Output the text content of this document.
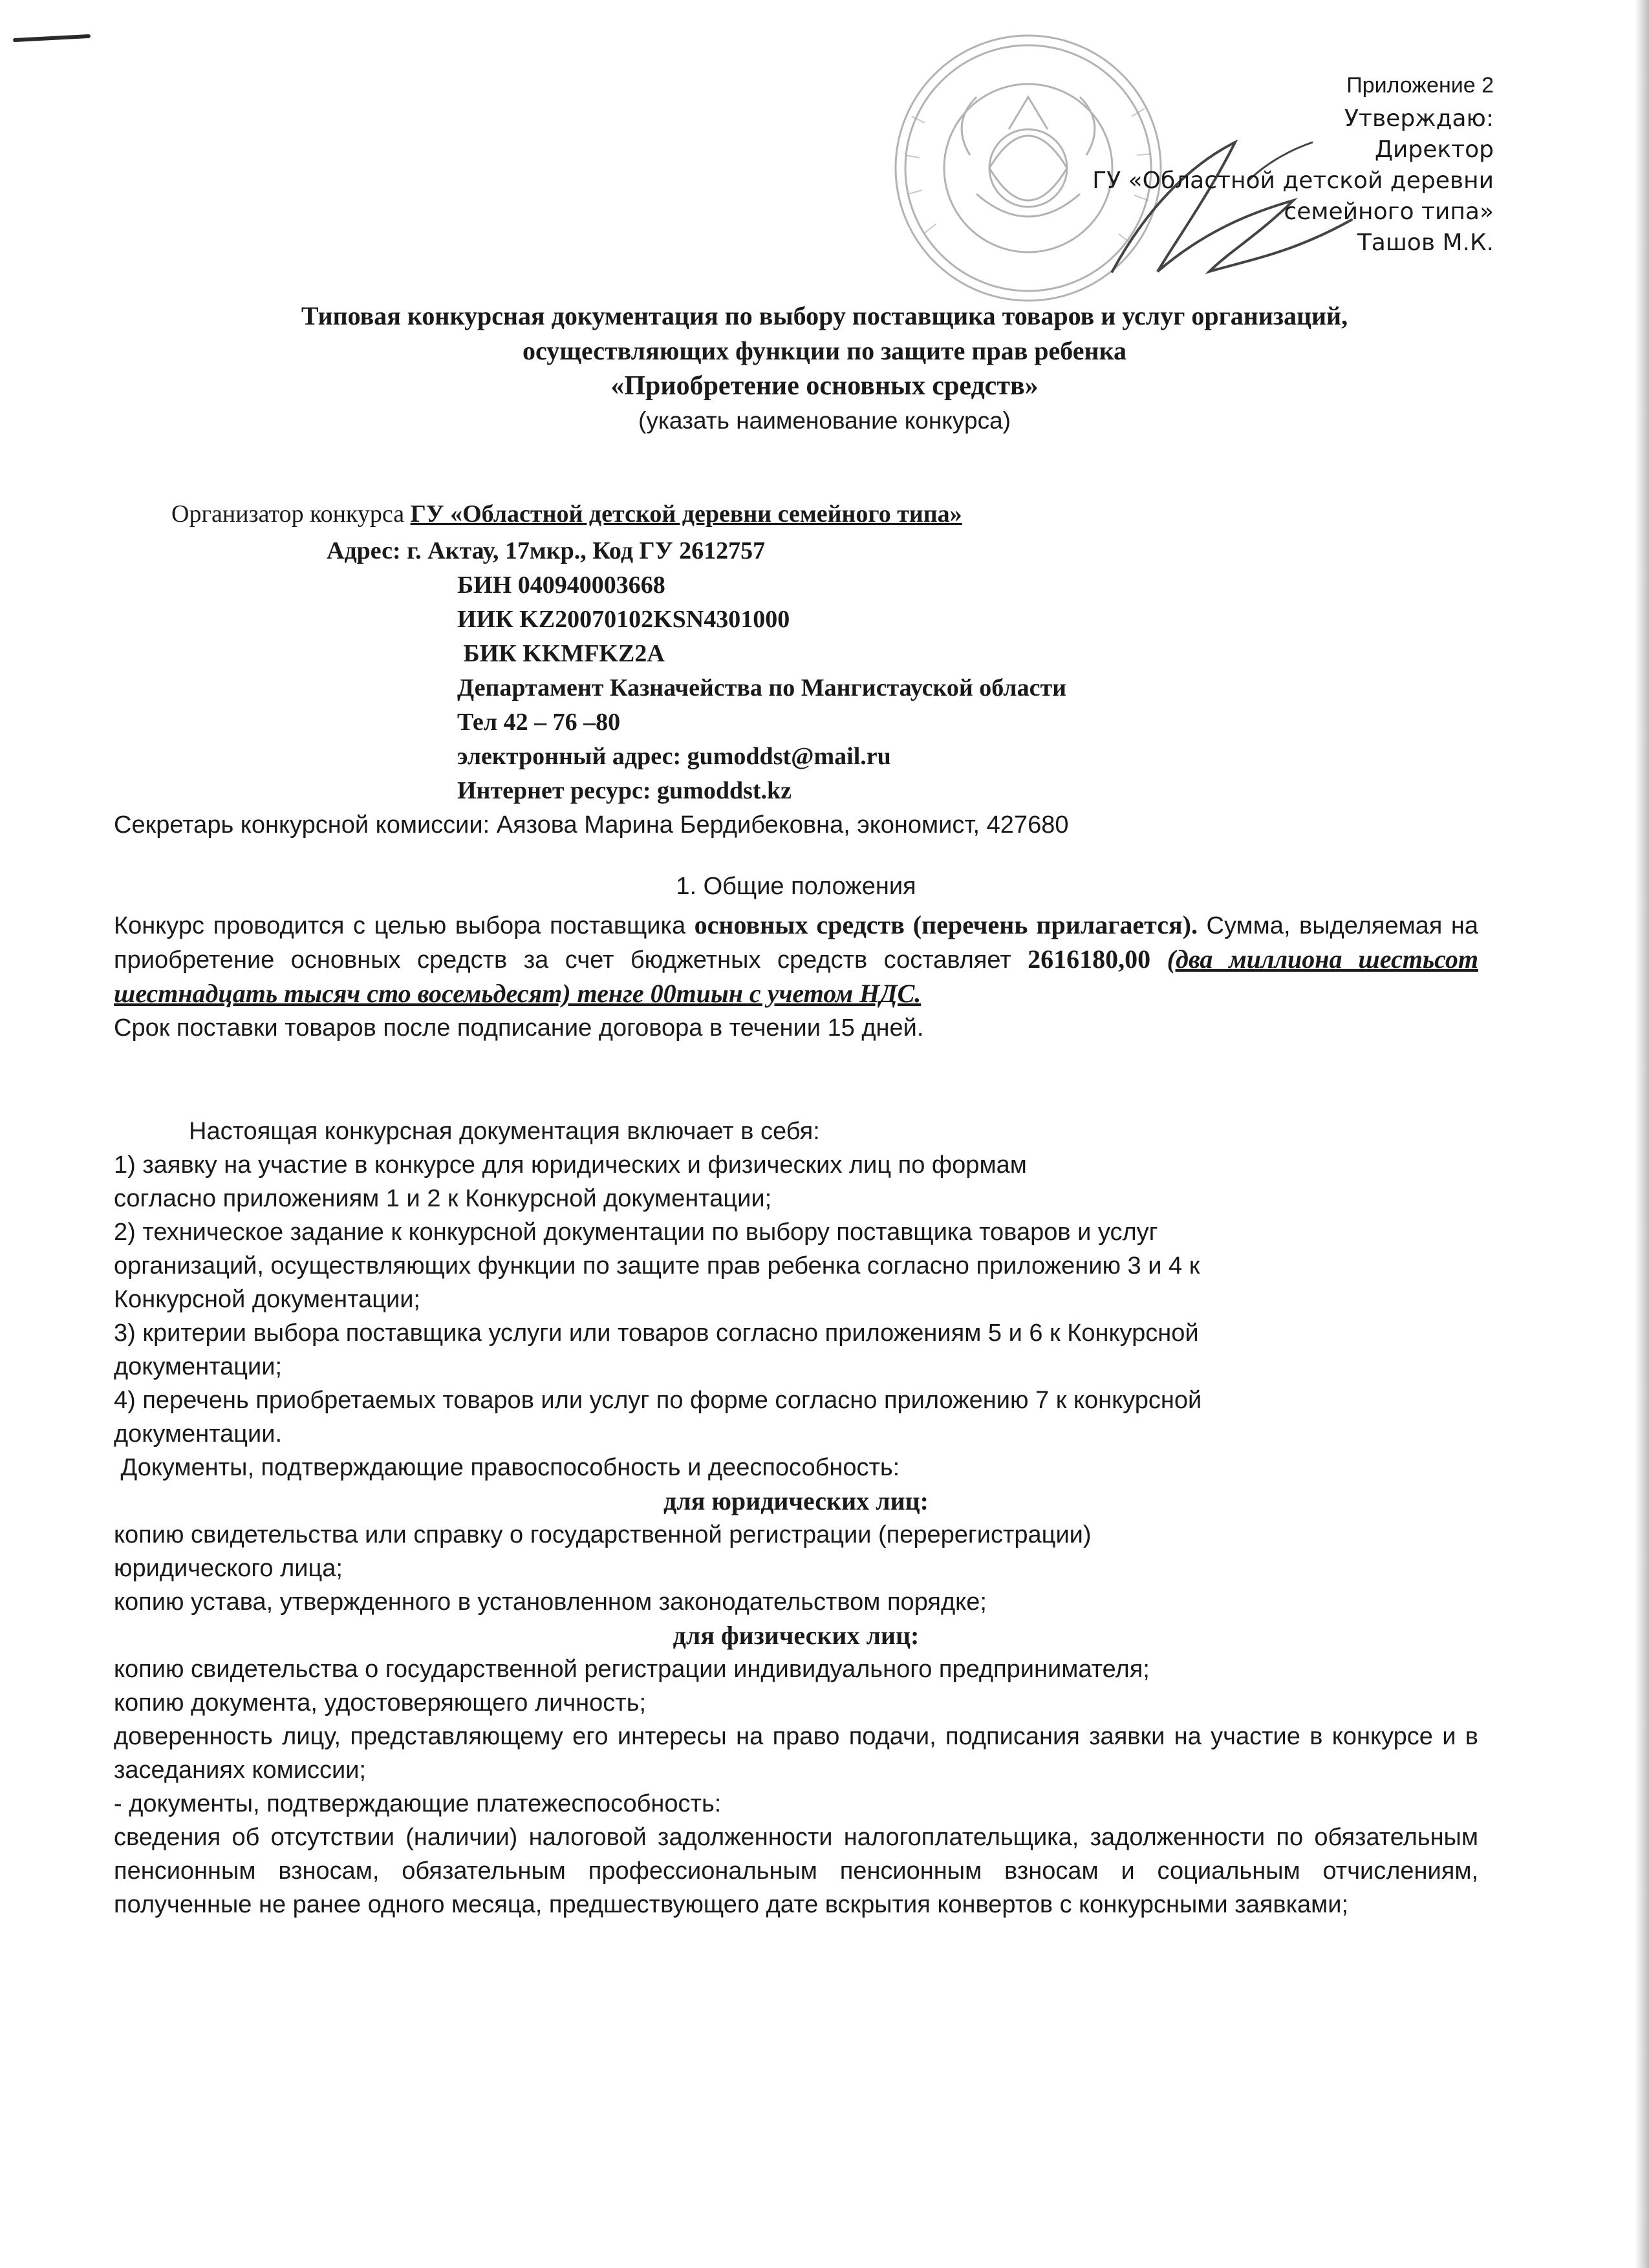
Приложение 2
Утверждаю:
Директор
ГУ «Областной детской деревни
семейного типа»
Ташов М.К.
Типовая конкурсная документация по выбору поставщика товаров и услуг организаций,
осуществляющих функции по защите прав ребенка
«Приобретение основных средств»
(указать наименование конкурса)
Организатор конкурса ГУ «Областной детской деревни семейного типа»
Адрес: г. Актау, 17мкр., Код ГУ 2612757
БИН 040940003668
ИИК KZ20070102KSN4301000
БИК KKMFKZ2A
Департамент Казначейства по Мангистауской области
Тел 42 – 76 –80
электронный адрес: gumoddst@mail.ru
Интернет ресурс: gumoddst.kz
Секретарь конкурсной комиссии: Аязова Марина Бердибековна, экономист, 427680
1. Общие положения

Конкурс проводится с целью выбора поставщика основных средств (перечень прилагается). Сумма, выделяемая на приобретение основных средств за счет бюджетных средств составляет 2616180,00 (два миллиона шестьсот шестнадцать тысяч сто восемьдесят) тенге 00тиын с учетом НДС.

Срок поставки товаров после подписание договора в течении 15 дней.

Настоящая конкурсная документация включает в себя:

1) заявку на участие в конкурсе для юридических и физических лиц по формам

согласно приложениям 1 и 2 к Конкурсной документации;

2) техническое задание к конкурсной документации по выбору поставщика товаров и услуг

организаций, осуществляющих функции по защите прав ребенка согласно приложению 3 и 4 к

Конкурсной документации;

3) критерии выбора поставщика услуги или товаров согласно приложениям 5 и 6 к Конкурсной

документации;

4) перечень приобретаемых товаров или услуг по форме согласно приложению 7 к конкурсной

документации.

Документы, подтверждающие правоспособность и дееспособность:

для юридических лиц:

копию свидетельства или справку о государственной регистрации (перерегистрации)

юридического лица;

копию устава, утвержденного в установленном законодательством порядке;

для физических лиц:

копию свидетельства о государственной регистрации индивидуального предпринимателя;

копию документа, удостоверяющего личность;

доверенность лицу, представляющему его интересы на право подачи, подписания заявки на участие в конкурсе и в заседаниях комиссии;

- документы, подтверждающие платежеспособность:

сведения об отсутствии (наличии) налоговой задолженности налогоплательщика, задолженности по обязательным пенсионным взносам, обязательным профессиональным пенсионным взносам и социальным отчислениям, полученные не ранее одного месяца, предшествующего дате вскрытия конвертов с конкурсными заявками;
